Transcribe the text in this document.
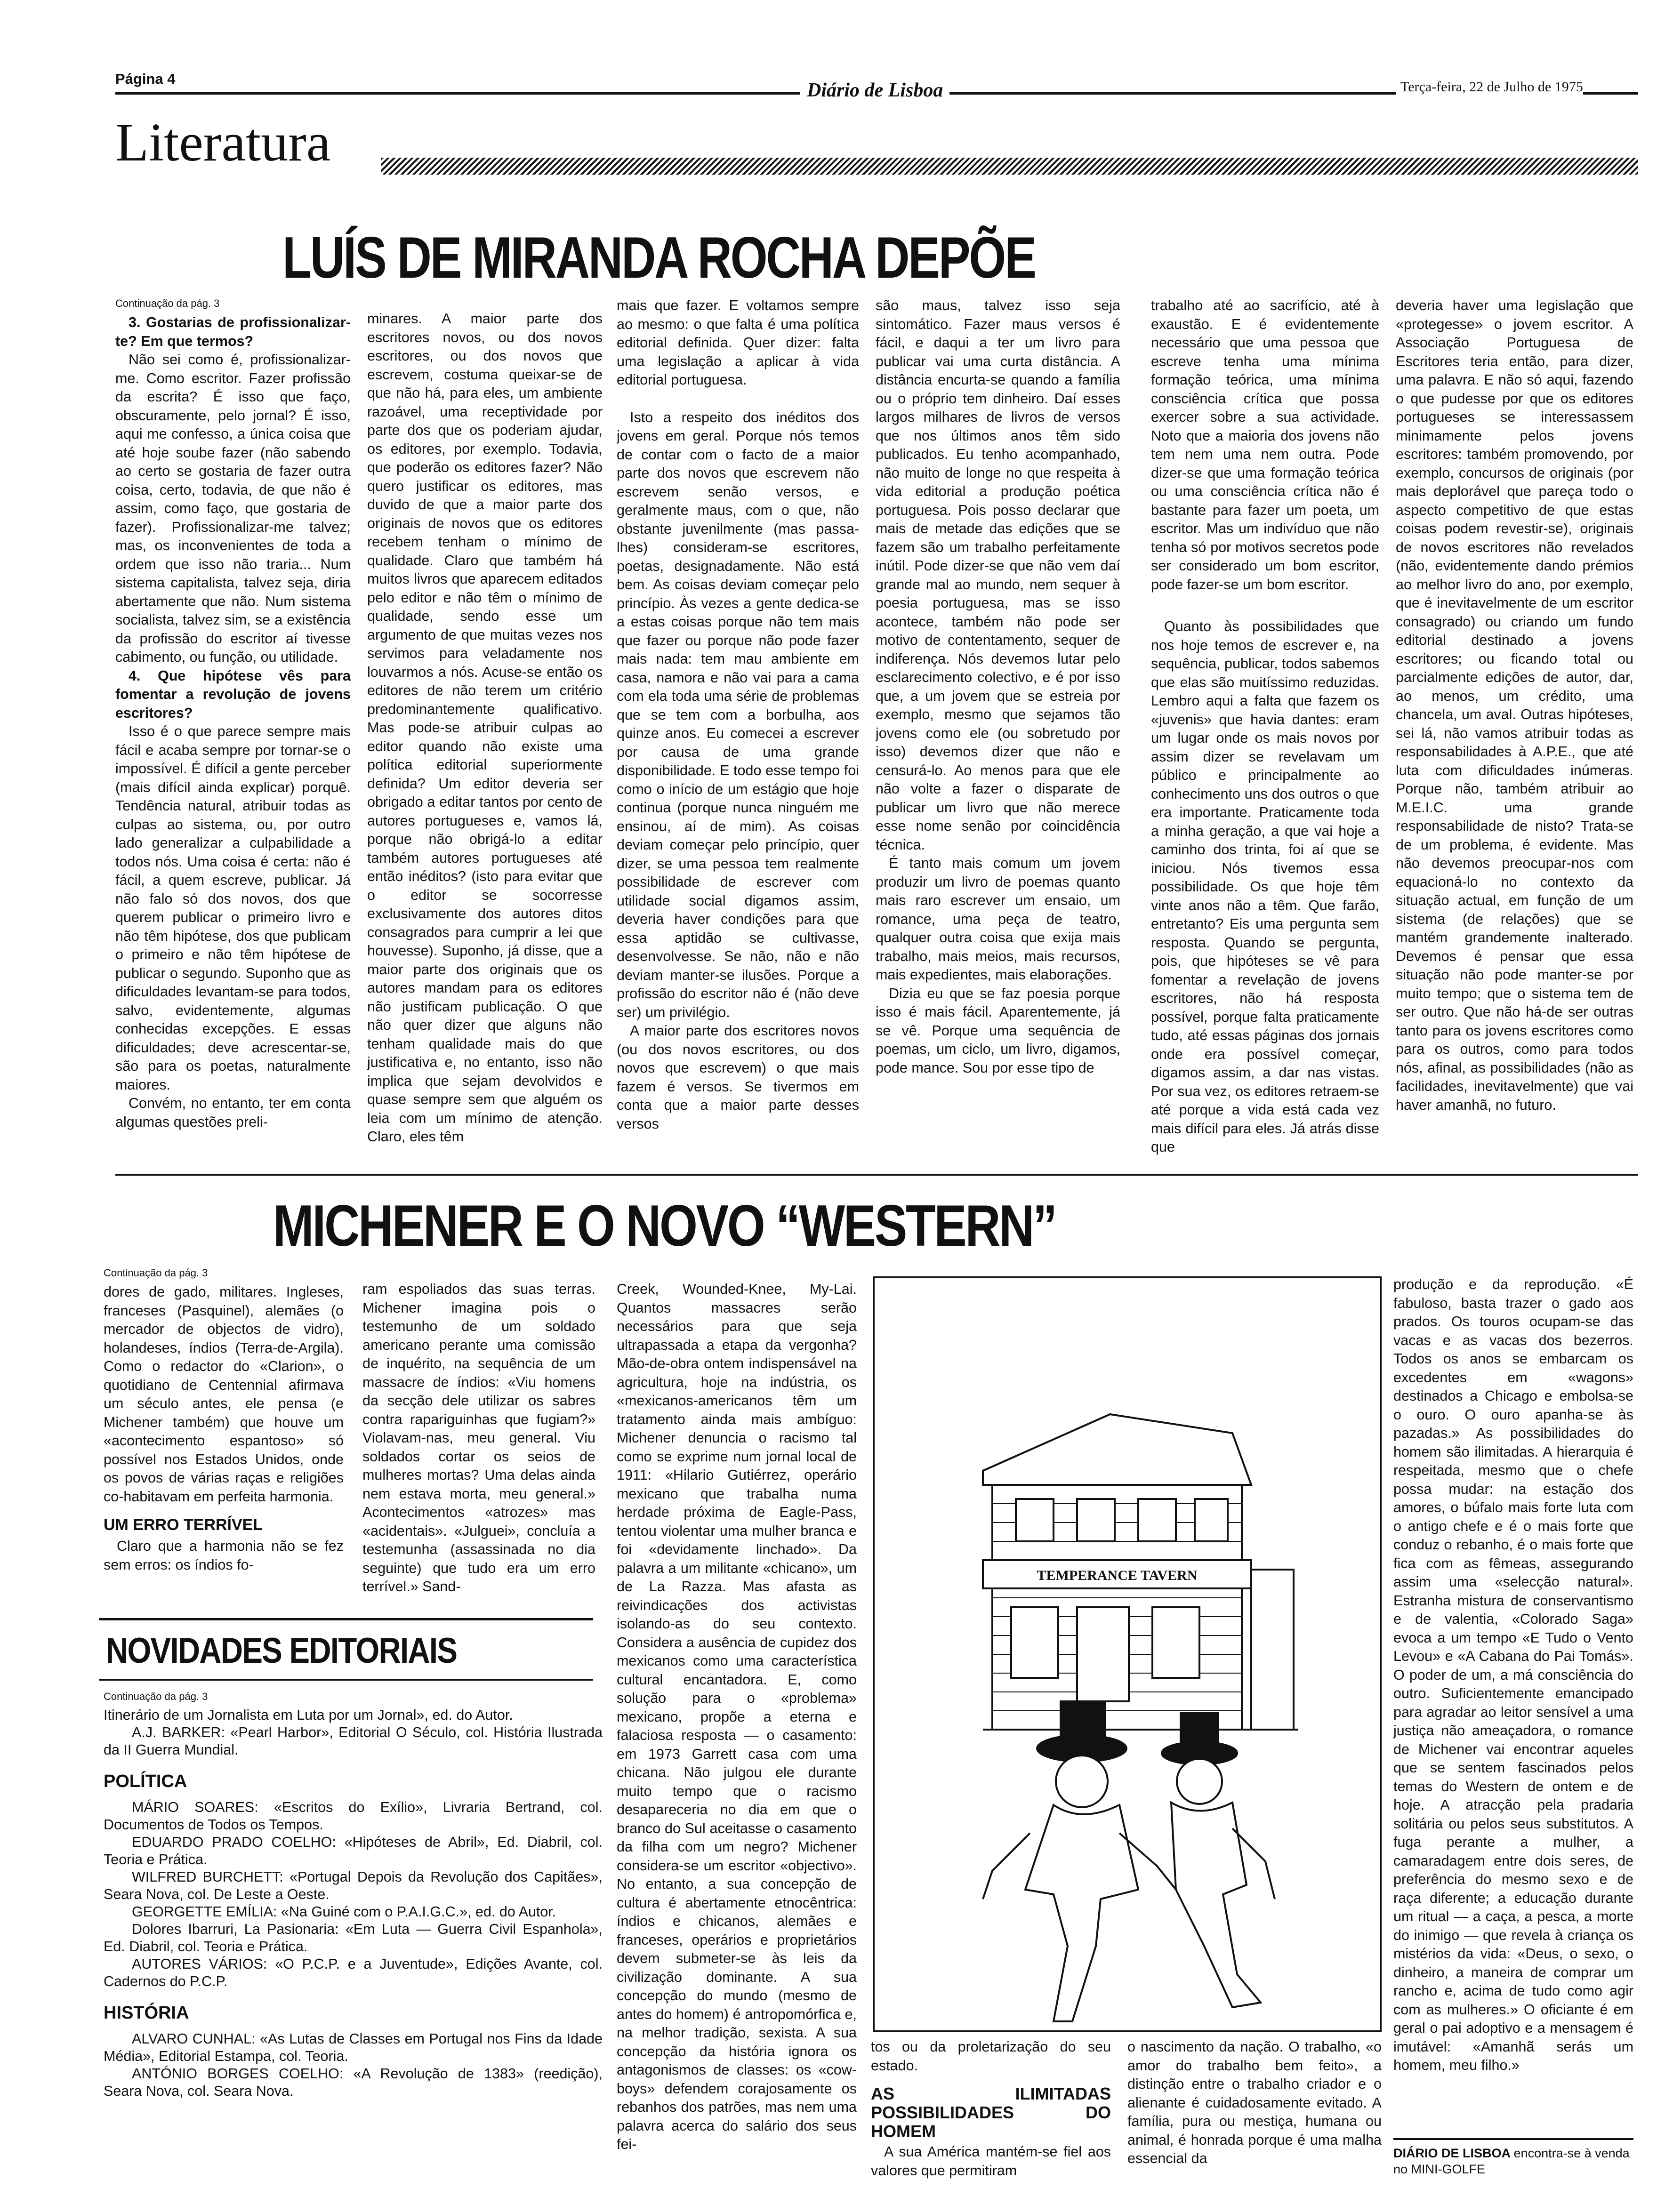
Página 4
Diário de Lisboa	Terça-feira, 22 de Julho de 1975
Literatura
LUÍS DE MIRANDA ROCHA DEPÕE

Continuação da pág. 3

3. Gostarias de profissionalizar-te? Em que termos?

Não sei como é, profissionalizar-me. Como escritor. Fazer profissão da escrita? É isso que faço, obscuramente, pelo jornal? É isso, aqui me confesso, a única coisa que até hoje soube fazer (não sabendo ao certo se gostaria de fazer outra coisa, certo, todavia, de que não é assim, como faço, que gostaria de fazer). Profissionalizar-me talvez; mas, os inconvenientes de toda a ordem que isso não traria... Num sistema capitalista, talvez seja, diria abertamente que não. Num sistema socialista, talvez sim, se a existência da profissão do escritor aí tivesse cabimento, ou função, ou utilidade.

4. Que hipótese vês para fomentar a revolução de jovens escritores?

Isso é o que parece sempre mais fácil e acaba sempre por tornar-se o impossível. É difícil a gente perceber (mais difícil ainda explicar) porquê. Tendência natural, atribuir todas as culpas ao sistema, ou, por outro lado generalizar a culpabilidade a todos nós. Uma coisa é certa: não é fácil, a quem escreve, publicar. Já não falo só dos novos, dos que querem publicar o primeiro livro e não têm hipótese, dos que publicam o primeiro e não têm hipótese de publicar o segundo. Suponho que as dificuldades levantam-se para todos, salvo, evidentemente, algumas conhecidas excepções. E essas dificuldades; deve acrescentar-se, são para os poetas, naturalmente maiores.

Convém, no entanto, ter em conta algumas questões preli-

minares. A maior parte dos escritores novos, ou dos novos escritores, ou dos novos que escrevem, costuma queixar-se de que não há, para eles, um ambiente razoável, uma receptividade por parte dos que os poderiam ajudar, os editores, por exemplo. Todavia, que poderão os editores fazer? Não quero justificar os editores, mas duvido de que a maior parte dos originais de novos que os editores recebem tenham o mínimo de qualidade. Claro que também há muitos livros que aparecem editados pelo editor e não têm o mínimo de qualidade, sendo esse um argumento de que muitas vezes nos servimos para veladamente nos louvarmos a nós. Acuse-se então os editores de não terem um critério predominantemente qualificativo. Mas pode-se atribuir culpas ao editor quando não existe uma política editorial superiormente definida? Um editor deveria ser obrigado a editar tantos por cento de autores portugueses e, vamos lá, porque não obrigá-lo a editar também autores portugueses até então inéditos? (isto para evitar que o editor se socorresse exclusivamente dos autores ditos consagrados para cumprir a lei que houvesse). Suponho, já disse, que a maior parte dos originais que os autores mandam para os editores não justificam publicação. O que não quer dizer que alguns não tenham qualidade mais do que justificativa e, no entanto, isso não implica que sejam devolvidos e quase sempre sem que alguém os leia com um mínimo de atenção. Claro, eles têm

mais que fazer. E voltamos sempre ao mesmo: o que falta é uma política editorial definida. Quer dizer: falta uma legislação a aplicar à vida editorial portuguesa.

Isto a respeito dos inéditos dos jovens em geral. Porque nós temos de contar com o facto de a maior parte dos novos que escrevem não escrevem senão versos, e geralmente maus, com o que, não obstante juvenilmente (mas passa-lhes) consideram-se escritores, poetas, designadamente. Não está bem. As coisas deviam começar pelo princípio. Às vezes a gente dedica-se a estas coisas porque não tem mais que fazer ou porque não pode fazer mais nada: tem mau ambiente em casa, namora e não vai para a cama com ela toda uma série de problemas que se tem com a borbulha, aos quinze anos. Eu comecei a escrever por causa de uma grande disponibilidade. E todo esse tempo foi como o início de um estágio que hoje continua (porque nunca ninguém me ensinou, aí de mim). As coisas deviam começar pelo princípio, quer dizer, se uma pessoa tem realmente possibilidade de escrever com utilidade social digamos assim, deveria haver condições para que essa aptidão se cultivasse, desenvolvesse. Se não, não e não deviam manter-se ilusões. Porque a profissão do escritor não é (não deve ser) um privilégio.

A maior parte dos escritores novos (ou dos novos escritores, ou dos novos que escrevem) o que mais fazem é versos. Se tivermos em conta que a maior parte desses versos

são maus, talvez isso seja sintomático. Fazer maus versos é fácil, e daqui a ter um livro para publicar vai uma curta distância. A distância encurta-se quando a família ou o próprio tem dinheiro. Daí esses largos milhares de livros de versos que nos últimos anos têm sido publicados. Eu tenho acompanhado, não muito de longe no que respeita à vida editorial a produção poética portuguesa. Pois posso declarar que mais de metade das edições que se fazem são um trabalho perfeitamente inútil. Pode dizer-se que não vem daí grande mal ao mundo, nem sequer à poesia portuguesa, mas se isso acontece, também não pode ser motivo de contentamento, sequer de indiferença. Nós devemos lutar pelo esclarecimento colectivo, e é por isso que, a um jovem que se estreia por exemplo, mesmo que sejamos tão jovens como ele (ou sobretudo por isso) devemos dizer que não e censurá-lo. Ao menos para que ele não volte a fazer o disparate de publicar um livro que não merece esse nome senão por coincidência técnica.

É tanto mais comum um jovem produzir um livro de poemas quanto mais raro escrever um ensaio, um romance, uma peça de teatro, qualquer outra coisa que exija mais trabalho, mais meios, mais recursos, mais expedientes, mais elaborações.

Dizia eu que se faz poesia porque isso é mais fácil. Aparentemente, já se vê. Porque uma sequência de poemas, um ciclo, um livro, digamos, pode mance. Sou por esse tipo de

trabalho até ao sacrifício, até à exaustão. E é evidentemente necessário que uma pessoa que escreve tenha uma mínima formação teórica, uma mínima consciência crítica que possa exercer sobre a sua actividade. Noto que a maioria dos jovens não tem nem uma nem outra. Pode dizer-se que uma formação teórica ou uma consciência crítica não é bastante para fazer um poeta, um escritor. Mas um indivíduo que não tenha só por motivos secretos pode ser considerado um bom escritor, pode fazer-se um bom escritor.

Quanto às possibilidades que nos hoje temos de escrever e, na sequência, publicar, todos sabemos que elas são muitíssimo reduzidas. Lembro aqui a falta que fazem os «juvenis» que havia dantes: eram um lugar onde os mais novos por assim dizer se revelavam um público e principalmente ao conhecimento uns dos outros o que era importante. Praticamente toda a minha geração, a que vai hoje a caminho dos trinta, foi aí que se iniciou. Nós tivemos essa possibilidade. Os que hoje têm vinte anos não a têm. Que farão, entretanto? Eis uma pergunta sem resposta. Quando se pergunta, pois, que hipóteses se vê para fomentar a revelação de jovens escritores, não há resposta possível, porque falta praticamente tudo, até essas páginas dos jornais onde era possível começar, digamos assim, a dar nas vistas. Por sua vez, os editores retraem-se até porque a vida está cada vez mais difícil para eles. Já atrás disse que

deveria haver uma legislação que «protegesse» o jovem escritor. A Associação Portuguesa de Escritores teria então, para dizer, uma palavra. E não só aqui, fazendo o que pudesse por que os editores portugueses se interessassem minimamente pelos jovens escritores: também promovendo, por exemplo, concursos de originais (por mais deplorável que pareça todo o aspecto competitivo de que estas coisas podem revestir-se), originais de novos escritores não revelados (não, evidentemente dando prémios ao melhor livro do ano, por exemplo, que é inevitavelmente de um escritor consagrado) ou criando um fundo editorial destinado a jovens escritores; ou ficando total ou parcialmente edições de autor, dar, ao menos, um crédito, uma chancela, um aval. Outras hipóteses, sei lá, não vamos atribuir todas as responsabilidades à A.P.E., que até luta com dificuldades inúmeras. Porque não, também atribuir ao M.E.I.C. uma grande responsabilidade de nisto? Trata-se de um problema, é evidente. Mas não devemos preocupar-nos com equacioná-lo no contexto da situação actual, em função de um sistema (de relações) que se mantém grandemente inalterado. Devemos é pensar que essa situação não pode manter-se por muito tempo; que o sistema tem de ser outro. Que não há-de ser outras tanto para os jovens escritores como para os outros, como para todos nós, afinal, as possibilidades (não as facilidades, inevitavelmente) que vai haver amanhã, no futuro.

MICHENER E O NOVO “WESTERN”

Continuação da pág. 3

dores de gado, militares. Ingleses, franceses (Pasquinel), alemães (o mercador de objectos de vidro), holandeses, índios (Terra-de-Argila). Como o redactor do «Clarion», o quotidiano de Centennial afirmava um século antes, ele pensa (e Michener também) que houve um «acontecimento espantoso» só possível nos Estados Unidos, onde os povos de várias raças e religiões co-habitavam em perfeita harmonia.

UM ERRO TERRÍVEL

Claro que a harmonia não se fez sem erros: os índios fo-

NOVIDADES EDITORIAIS

Continuação da pág. 3

Itinerário de um Jornalista em Luta por um Jornal», ed. do Autor.

A.J. BARKER: «Pearl Harbor», Editorial O Século, col. História Ilustrada da II Guerra Mundial.

POLÍTICA

MÁRIO SOARES: «Escritos do Exílio», Livraria Bertrand, col. Documentos de Todos os Tempos.

EDUARDO PRADO COELHO: «Hipóteses de Abril», Ed. Diabril, col. Teoria e Prática.

WILFRED BURCHETT: «Portugal Depois da Revolução dos Capitães», Seara Nova, col. De Leste a Oeste.

GEORGETTE EMÍLIA: «Na Guiné com o P.A.I.G.C.», ed. do Autor.

Dolores Ibarruri, La Pasionaria: «Em Luta — Guerra Civil Espanhola», Ed. Diabril, col. Teoria e Prática.

AUTORES VÁRIOS: «O P.C.P. e a Juventude», Edições Avante, col. Cadernos do P.C.P.

HISTÓRIA

ALVARO CUNHAL: «As Lutas de Classes em Portugal nos Fins da Idade Média», Editorial Estampa, col. Teoria.

ANTÓNIO BORGES COELHO: «A Revolução de 1383» (reedição), Seara Nova, col. Seara Nova.

ram espoliados das suas terras. Michener imagina pois o testemunho de um soldado americano perante uma comissão de inquérito, na sequência de um massacre de índios: «Viu homens da secção dele utilizar os sabres contra rapariguinhas que fugiam?» Violavam-nas, meu general. Viu soldados cortar os seios de mulheres mortas? Uma delas ainda nem estava morta, meu general.» Acontecimentos «atrozes» mas «acidentais». «Julguei», concluía a testemunha (assassinada no dia seguinte) que tudo era um erro terrível.» Sand-

Creek, Wounded-Knee, My-Lai. Quantos massacres serão necessários para que seja ultrapassada a etapa da vergonha? Mão-de-obra ontem indispensável na agricultura, hoje na indústria, os «mexicanos-americanos têm um tratamento ainda mais ambíguo: Michener denuncia o racismo tal como se exprime num jornal local de 1911: «Hilario Gutiérrez, operário mexicano que trabalha numa herdade próxima de Eagle-Pass, tentou violentar uma mulher branca e foi «devidamente linchado». Da palavra a um militante «chicano», um de La Razza. Mas afasta as reivindicações dos activistas isolando-as do seu contexto. Considera a ausência de cupidez dos mexicanos como uma característica cultural encantadora. E, como solução para o «problema» mexicano, propõe a eterna e falaciosa resposta — o casamento: em 1973 Garrett casa com uma chicana. Não julgou ele durante muito tempo que o racismo desapareceria no dia em que o branco do Sul aceitasse o casamento da filha com um negro? Michener considera-se um escritor «objectivo». No entanto, a sua concepção de cultura é abertamente etnocêntrica: índios e chicanos, alemães e franceses, operários e proprietários devem submeter-se às leis da civilização dominante. A sua concepção do mundo (mesmo de antes do homem) é antropomórfica e, na melhor tradição, sexista. A sua concepção da história ignora os antagonismos de classes: os «cow-boys» defendem corajosamente os rebanhos dos patrões, mas nem uma palavra acerca do salário dos seus fei-

TEMPERANCE TAVERN

tos ou da proletarização do seu estado.

AS ILIMITADAS POSSIBILIDADES DO HOMEM

A sua América mantém-se fiel aos valores que permitiram

o nascimento da nação. O trabalho, «o amor do trabalho bem feito», a distinção entre o trabalho criador e o alienante é cuidadosamente evitado. A família, pura ou mestiça, humana ou animal, é honrada porque é uma malha essencial da

produção e da reprodução. «É fabuloso, basta trazer o gado aos prados. Os touros ocupam-se das vacas e as vacas dos bezerros. Todos os anos se embarcam os excedentes em «wagons» destinados a Chicago e embolsa-se o ouro. O ouro apanha-se às pazadas.» As possibilidades do homem são ilimitadas. A hierarquia é respeitada, mesmo que o chefe possa mudar: na estação dos amores, o búfalo mais forte luta com o antigo chefe e é o mais forte que conduz o rebanho, é o mais forte que fica com as fêmeas, assegurando assim uma «selecção natural». Estranha mistura de conservantismo e de valentia, «Colorado Saga» evoca a um tempo «E Tudo o Vento Levou» e «A Cabana do Pai Tomás». O poder de um, a má consciência do outro. Suficientemente emancipado para agradar ao leitor sensível a uma justiça não ameaçadora, o romance de Michener vai encontrar aqueles que se sentem fascinados pelos temas do Western de ontem e de hoje. A atracção pela pradaria solitária ou pelos seus substitutos. A fuga perante a mulher, a camaradagem entre dois seres, de preferência do mesmo sexo e de raça diferente; a educação durante um ritual — a caça, a pesca, a morte do inimigo — que revela à criança os mistérios da vida: «Deus, o sexo, o dinheiro, a maneira de comprar um rancho e, acima de tudo como agir com as mulheres.» O oficiante é em geral o pai adoptivo e a mensagem é imutável: «Amanhã serás um homem, meu filho.»

DIÁRIO DE LISBOA encontra-se à venda no MINI-GOLFE
